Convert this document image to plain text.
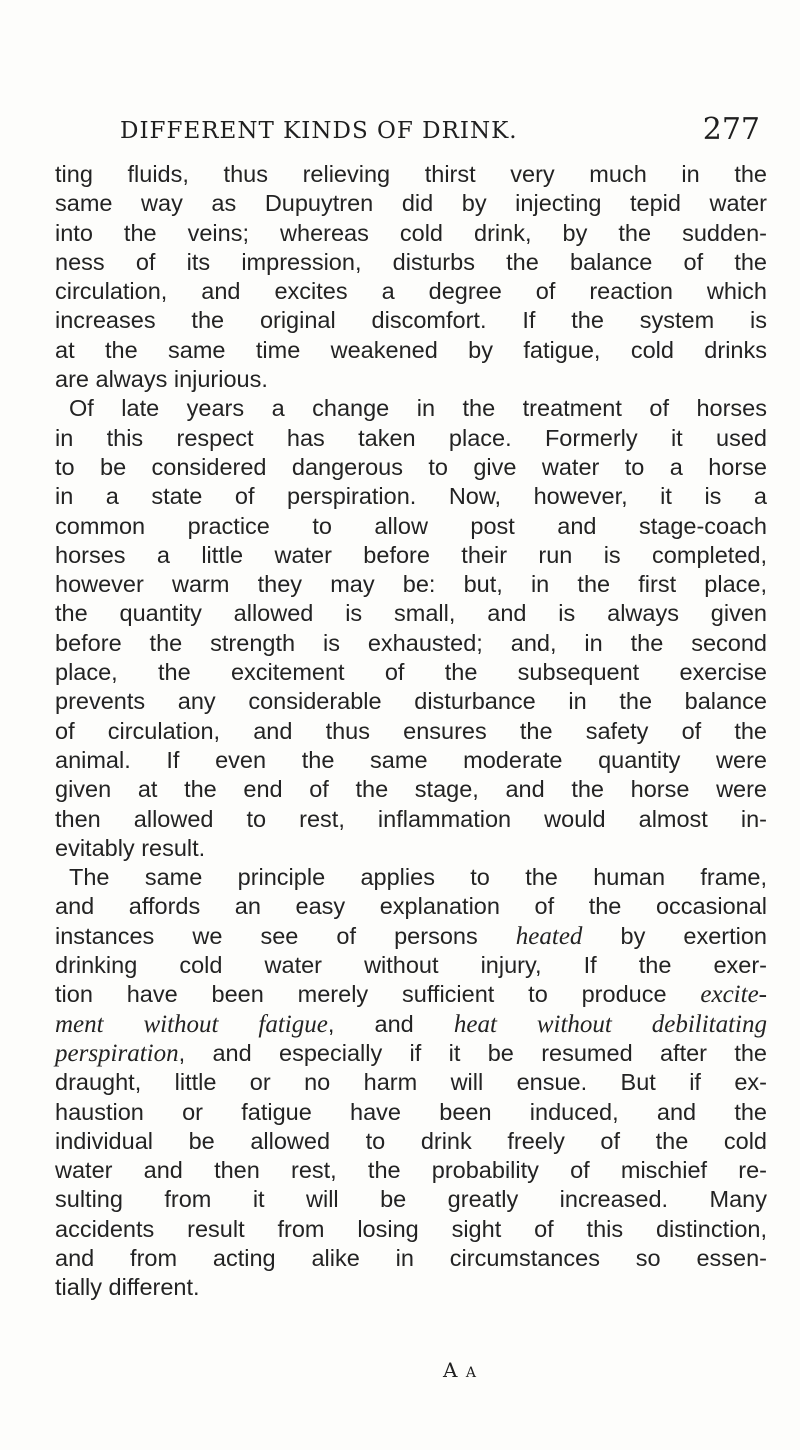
DIFFERENT KINDS OF DRINK.	277
ting fluids, thus relieving thirst very much in the
same way as Dupuytren did by injecting tepid water
into the veins; whereas cold drink, by the sudden-
ness of its impression, disturbs the balance of the
circulation, and excites a degree of reaction which
increases the original discomfort. If the system is
at the same time weakened by fatigue, cold drinks
are always injurious.
Of late years a change in the treatment of horses
in this respect has taken place. Formerly it used
to be considered dangerous to give water to a horse
in a state of perspiration. Now, however, it is a
common practice to allow post and stage-coach
horses a little water before their run is completed,
however warm they may be: but, in the first place,
the quantity allowed is small, and is always given
before the strength is exhausted; and, in the second
place, the excitement of the subsequent exercise
prevents any considerable disturbance in the balance
of circulation, and thus ensures the safety of the
animal. If even the same moderate quantity were
given at the end of the stage, and the horse were
then allowed to rest, inflammation would almost in-
evitably result.
The same principle applies to the human frame,
and affords an easy explanation of the occasional
instances we see of persons heated by exertion
drinking cold water without injury, If the exer-
tion have been merely sufficient to produce excite-
ment without fatigue, and heat without debilitating
perspiration, and especially if it be resumed after the
draught, little or no harm will ensue. But if ex-
haustion or fatigue have been induced, and the
individual be allowed to drink freely of the cold
water and then rest, the probability of mischief re-
sulting from it will be greatly increased. Many
accidents result from losing sight of this distinction,
and from acting alike in circumstances so essen-
tially different.
A A
